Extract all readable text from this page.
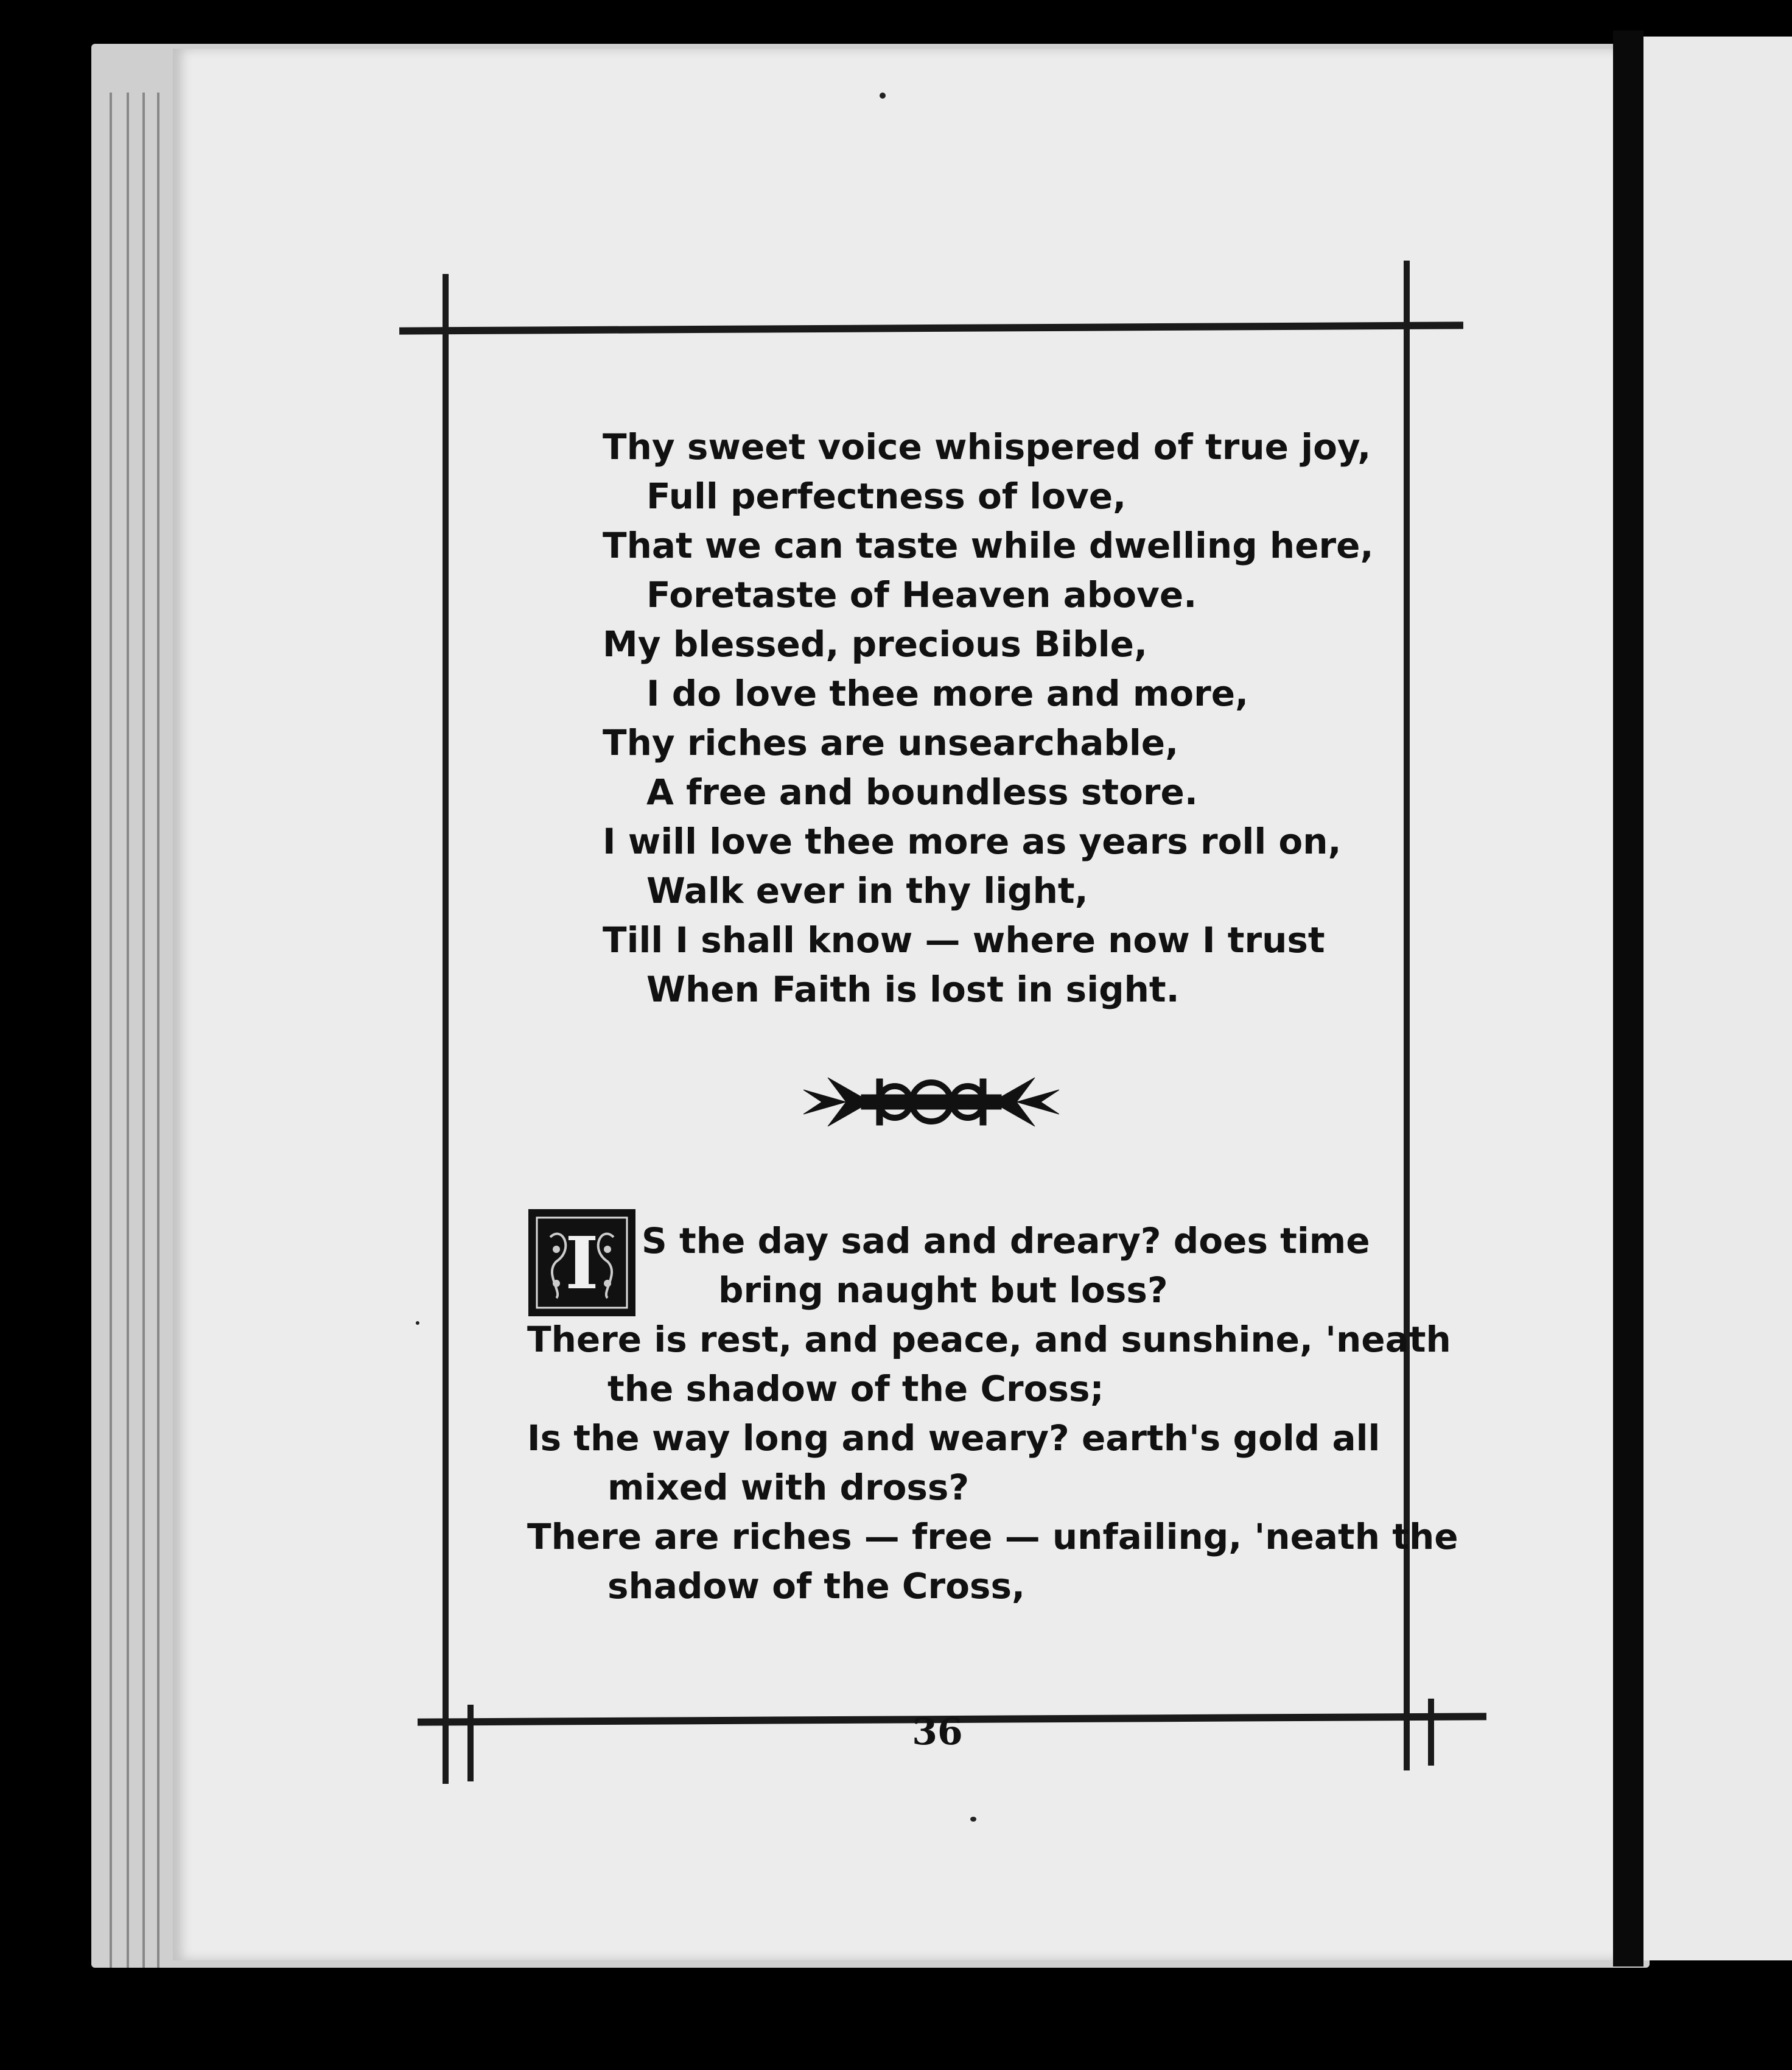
Thy sweet voice whispered of true joy,
Full perfectness of love,
That we can taste while dwelling here,
Foretaste of Heaven above.
My blessed, precious Bible,
I do love thee more and more,
Thy riches are unsearchable,
A free and boundless store.
I will love thee more as years roll on,
Walk ever in thy light,
Till I shall know — where now I trust
When Faith is lost in sight.
I S the day sad and dreary? does time
bring naught but loss?
There is rest, and peace, and sunshine, 'neath
the shadow of the Cross;
Is the way long and weary? earth's gold all
mixed with dross?
There are riches — free — unfailing, 'neath the
shadow of the Cross,
36
